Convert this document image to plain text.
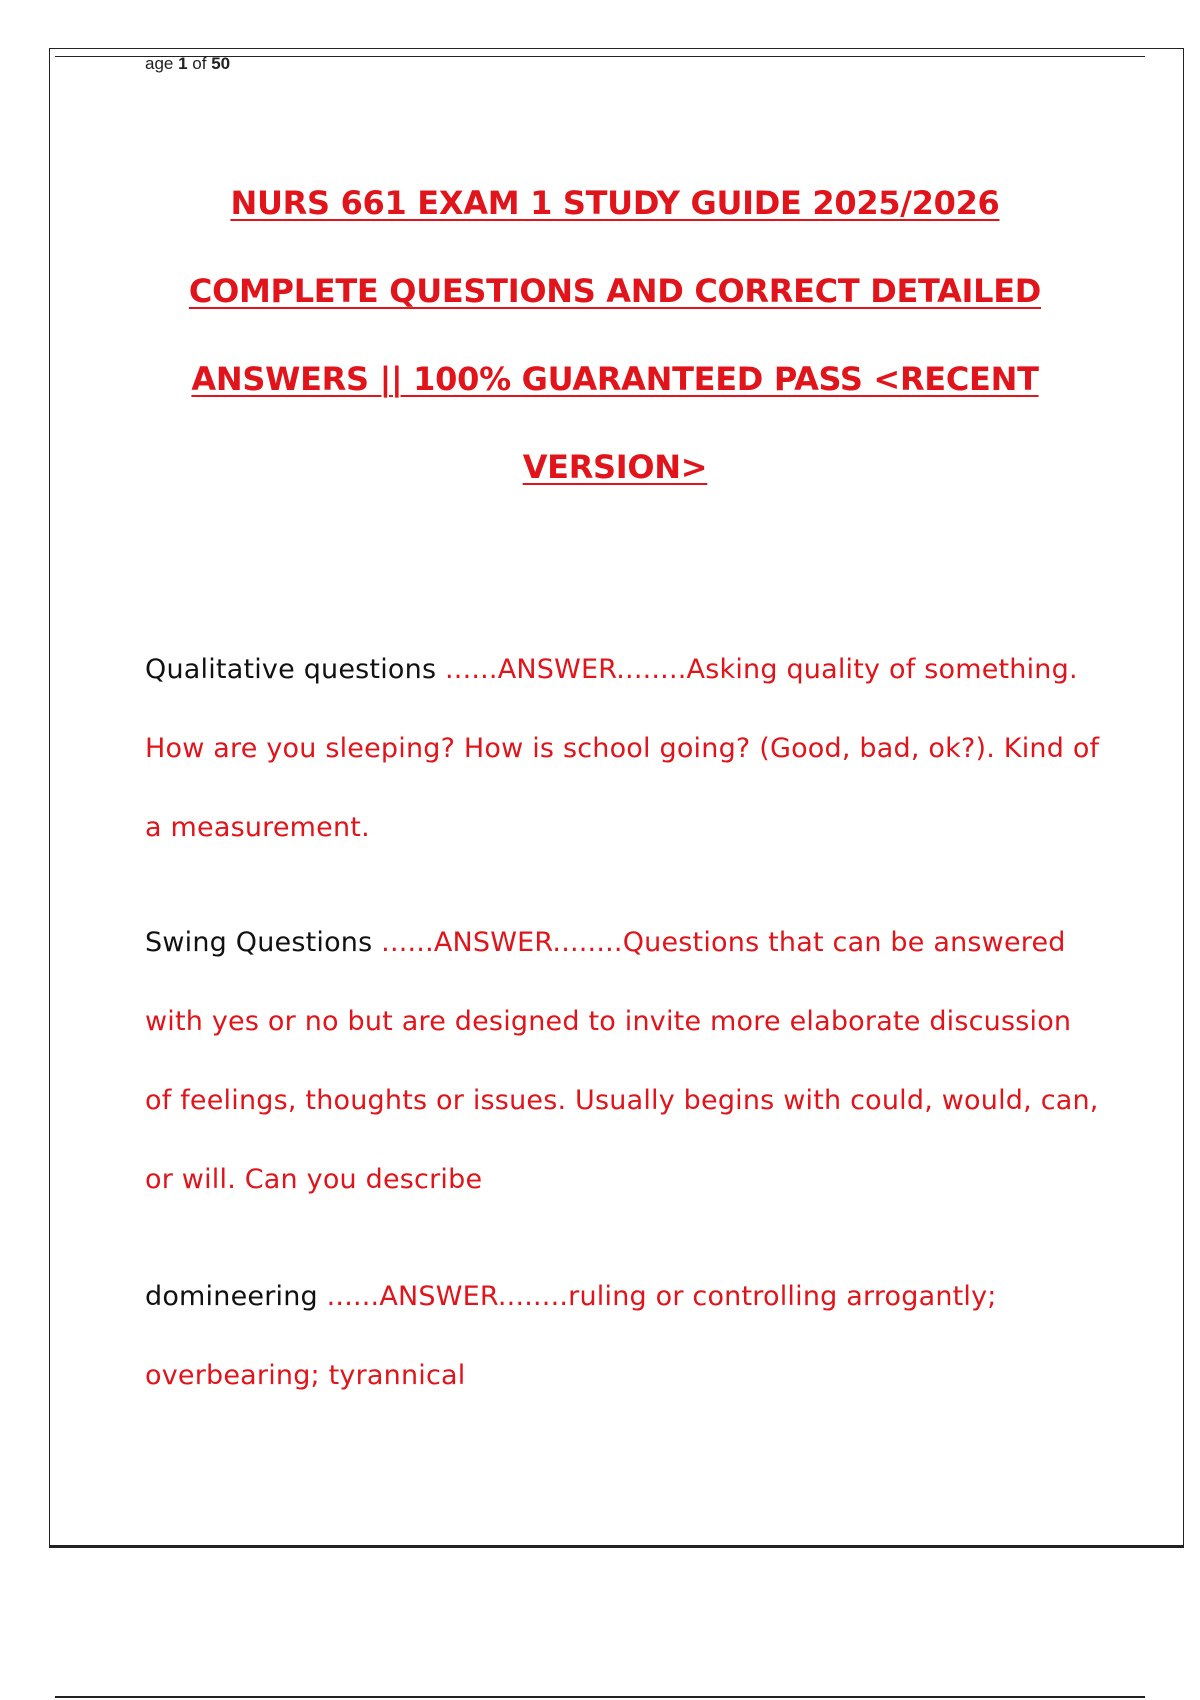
age 1 of 50
NURS 661 EXAM 1 STUDY GUIDE 2025/2026
COMPLETE QUESTIONS AND CORRECT DETAILED
ANSWERS || 100% GUARANTEED PASS <RECENT
VERSION>
Qualitative questions ......ANSWER........Asking quality of something. How are you sleeping? How is school going? (Good, bad, ok?). Kind of a measurement.
Swing Questions ......ANSWER........Questions that can be answered with yes or no but are designed to invite more elaborate discussion of feelings, thoughts or issues. Usually begins with could, would, can, or will. Can you describe
domineering ......ANSWER........ruling or controlling arrogantly; overbearing; tyrannical
